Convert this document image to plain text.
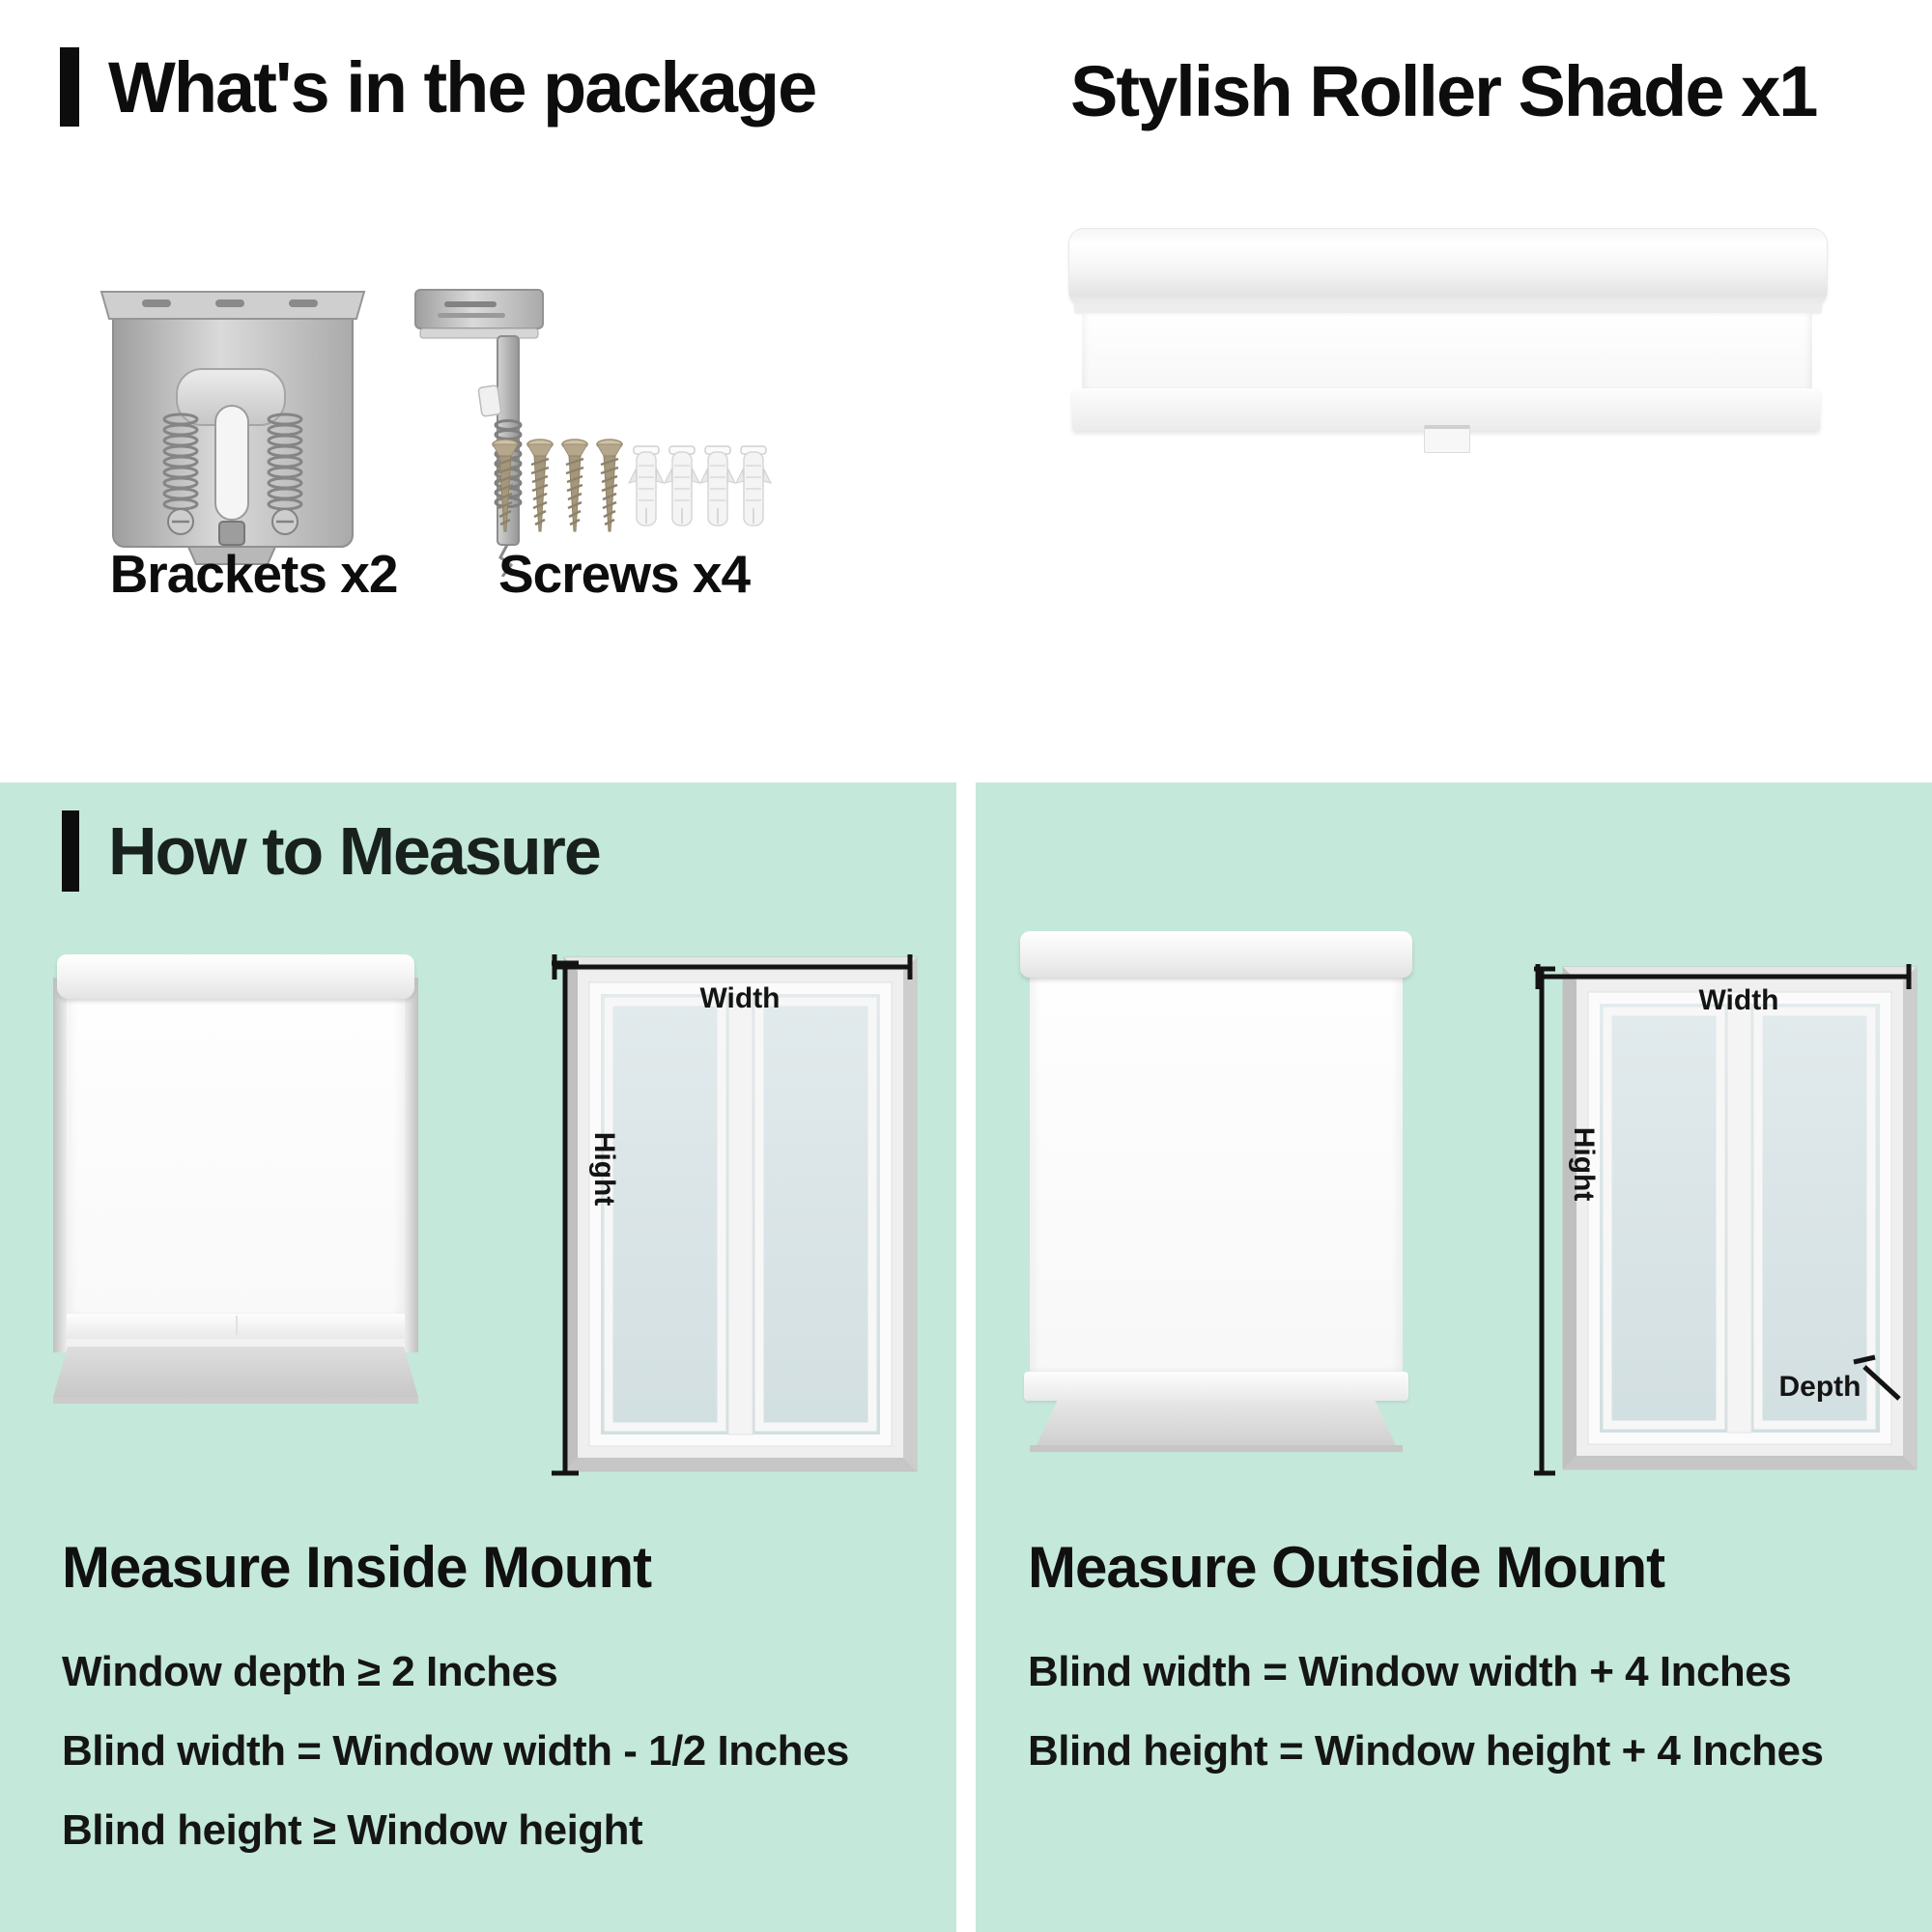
What's in the package	Stylish Roller Shade x1
Brackets x2	Screws x4
How to Measure
Width
Hight
Width
Hight
Depth
Measure Inside Mount
Window depth ≥ 2 Inches
Blind width = Window width - 1/2 Inches
Blind height ≥ Window height
Measure Outside Mount
Blind width = Window width + 4 Inches
Blind height = Window height + 4 Inches
